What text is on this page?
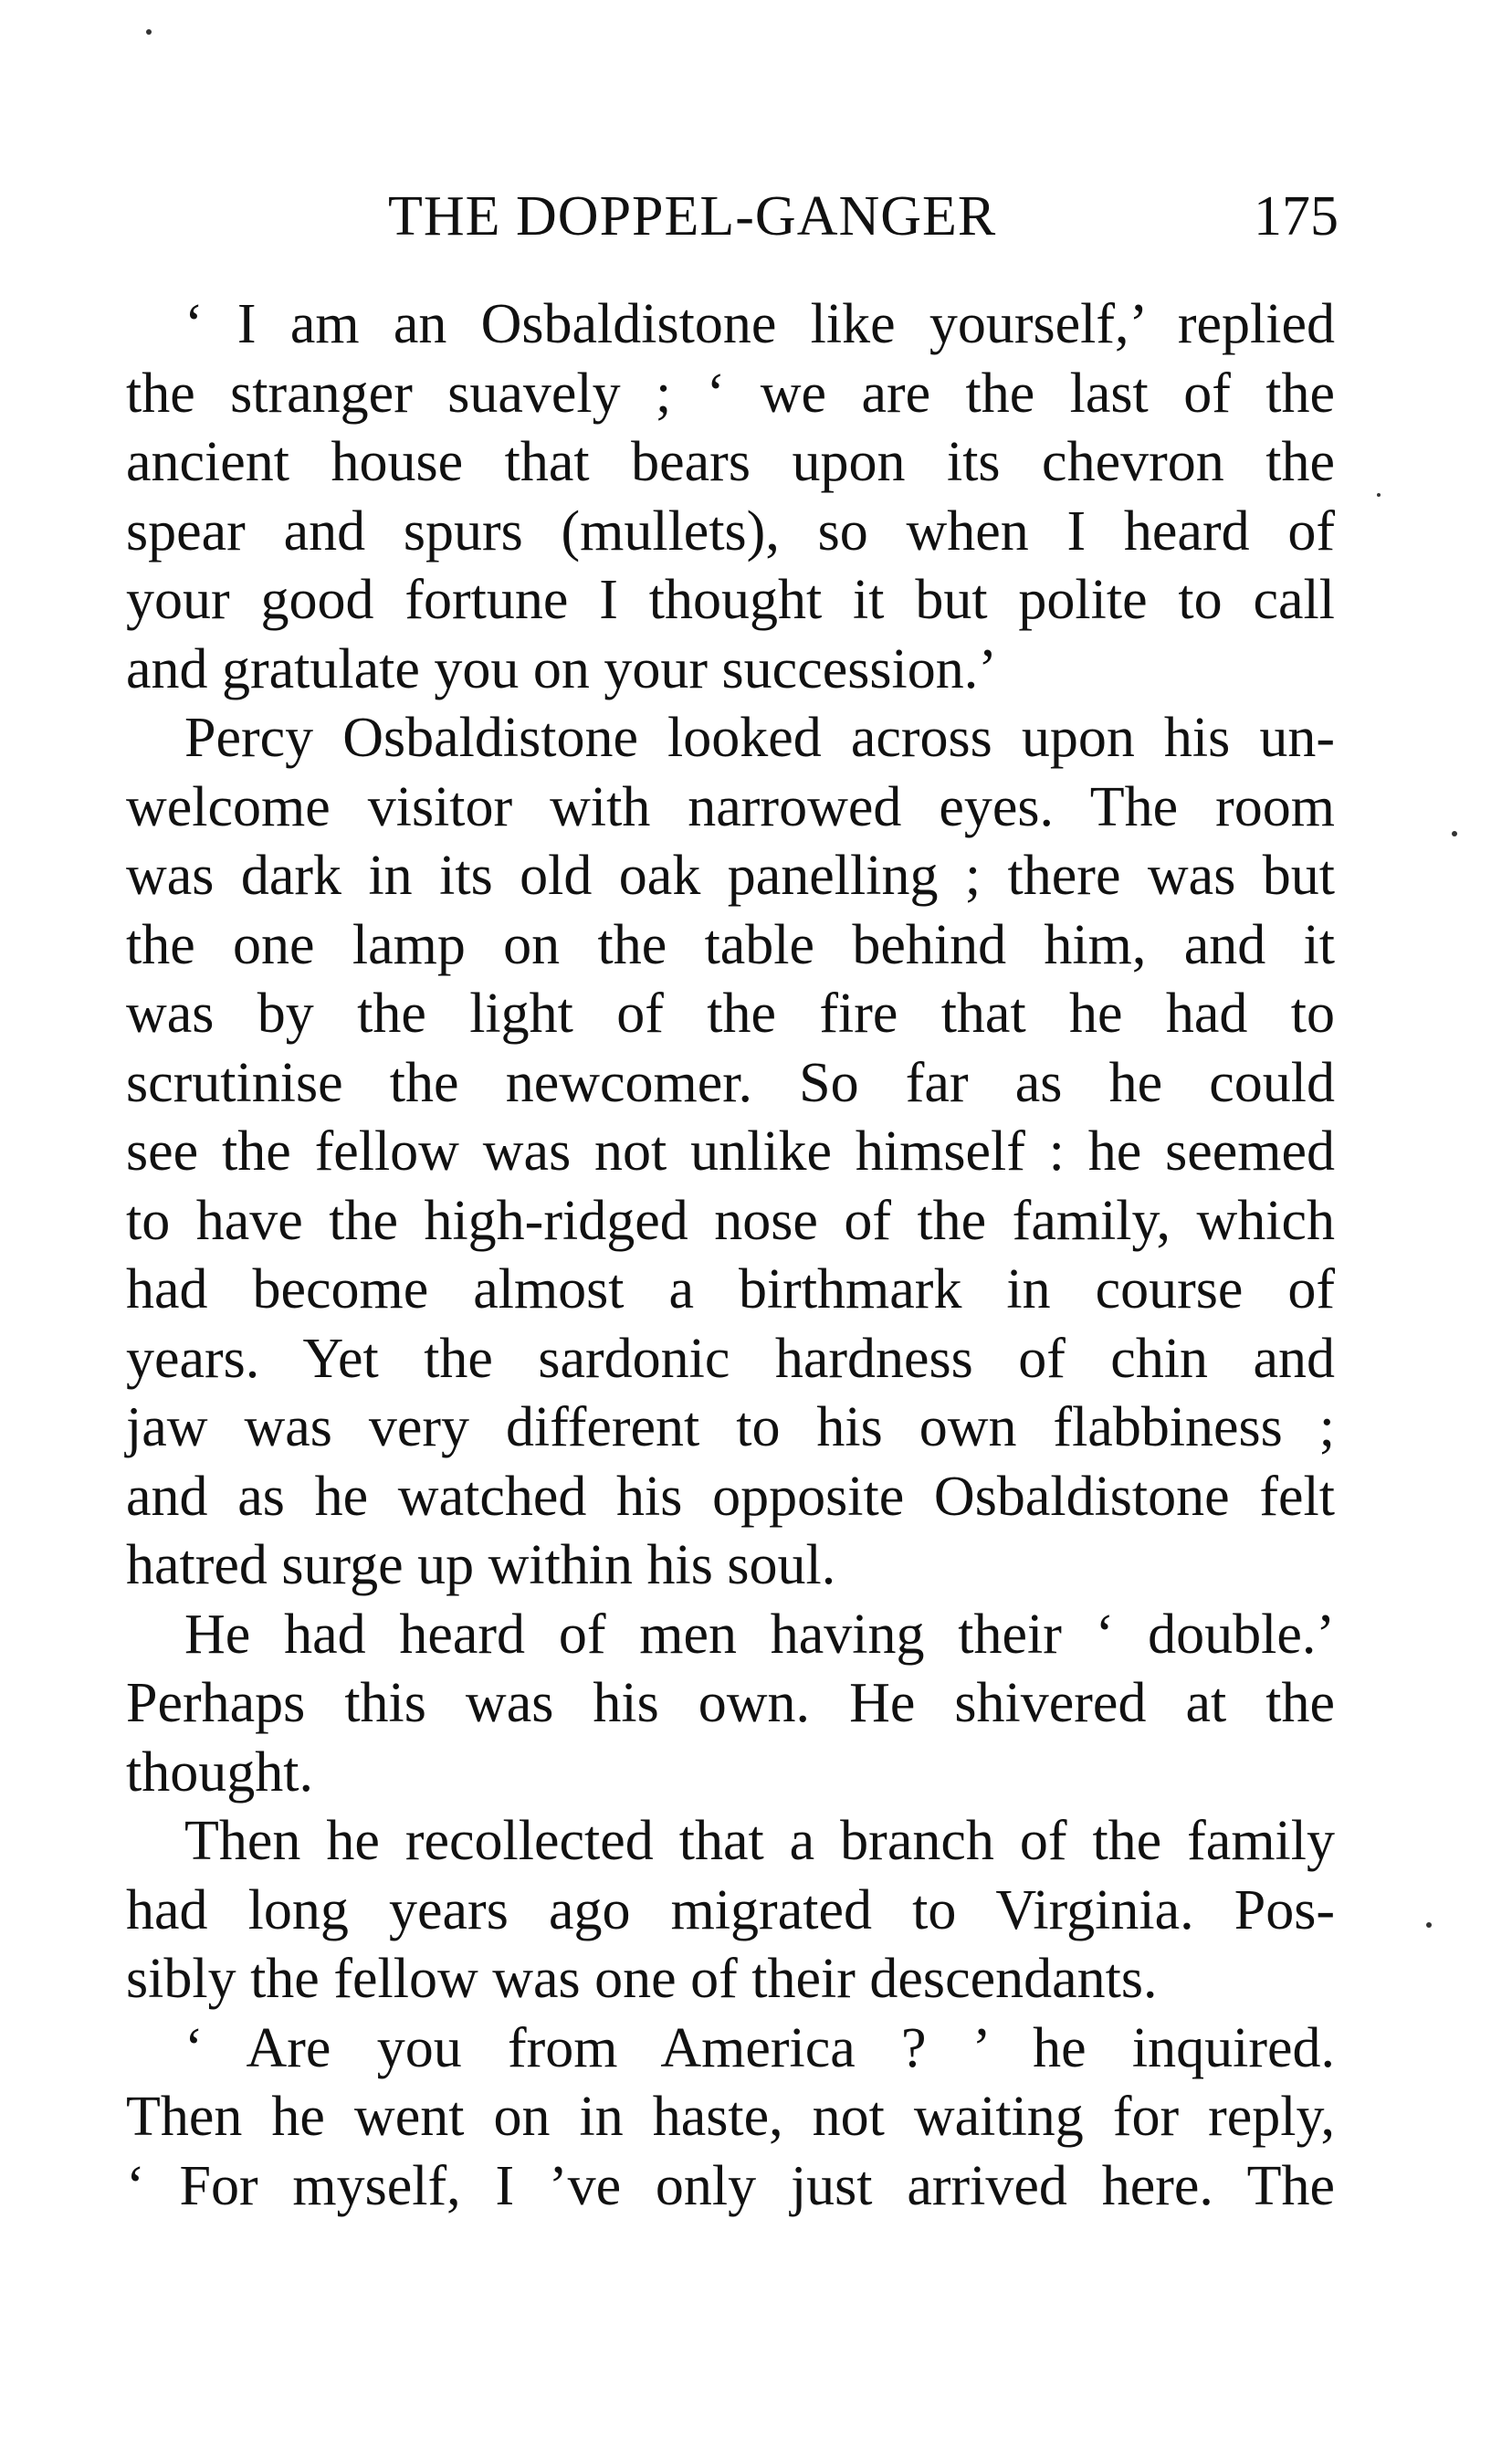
THE DOPPEL-GANGER	175
‘ I am an Osbaldistone like yourself,’ replied
the stranger suavely ; ‘ we are the last of the
ancient house that bears upon its chevron the
spear and spurs (mullets), so when I heard of
your good fortune I thought it but polite to call
and gratulate you on your succession.’
Percy Osbaldistone looked across upon his un-
welcome visitor with narrowed eyes. The room
was dark in its old oak panelling ; there was but
the one lamp on the table behind him, and it
was by the light of the fire that he had to
scrutinise the newcomer. So far as he could
see the fellow was not unlike himself : he seemed
to have the high-ridged nose of the family, which
had become almost a birthmark in course of
years. Yet the sardonic hardness of chin and
jaw was very different to his own flabbiness ;
and as he watched his opposite Osbaldistone felt
hatred surge up within his soul.
He had heard of men having their ‘ double.’
Perhaps this was his own. He shivered at the
thought.
Then he recollected that a branch of the family
had long years ago migrated to Virginia. Pos-
sibly the fellow was one of their descendants.
‘ Are you from America ? ’ he inquired.
Then he went on in haste, not waiting for reply,
‘ For myself, I ’ve only just arrived here. The
